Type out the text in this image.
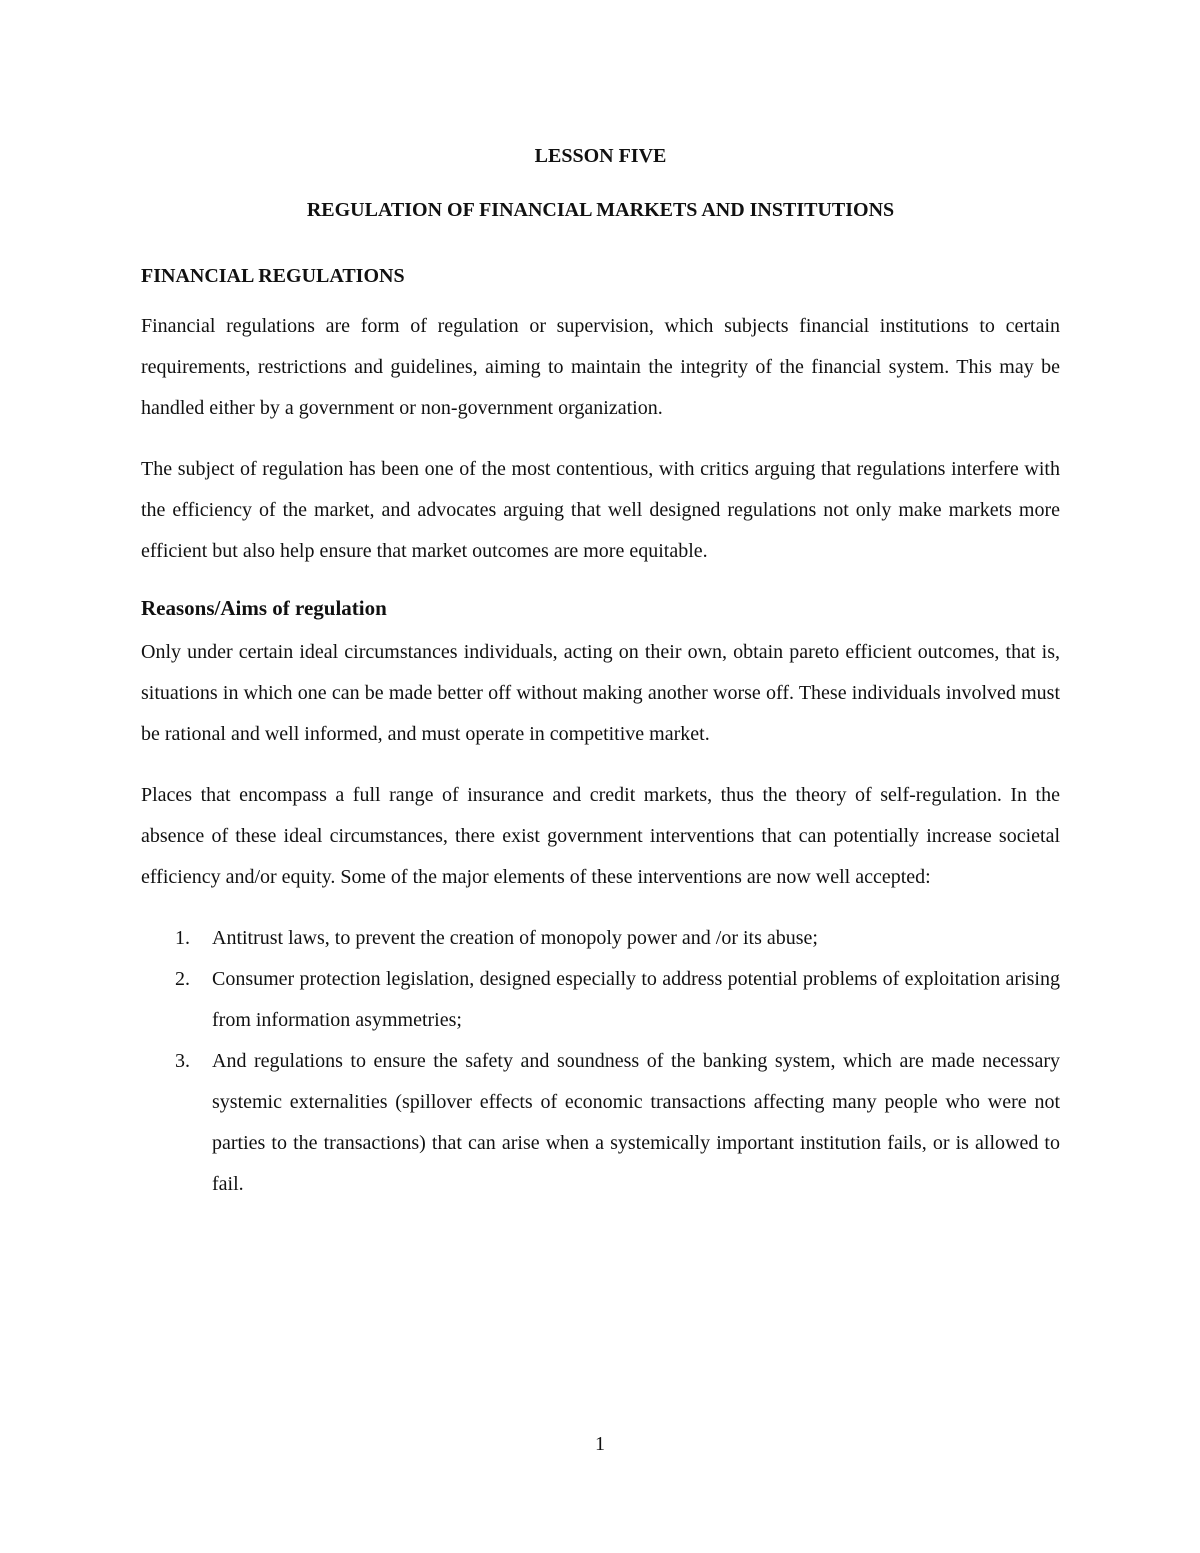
LESSON FIVE
REGULATION OF FINANCIAL MARKETS AND INSTITUTIONS
FINANCIAL REGULATIONS

Financial regulations are form of regulation or supervision, which subjects financial institutions to certain requirements, restrictions and guidelines, aiming to maintain the integrity of the financial system. This may be handled either by a government or non-government organization.

The subject of regulation has been one of the most contentious, with critics arguing that regulations interfere with the efficiency of the market, and advocates arguing that well designed regulations not only make markets more efficient but also help ensure that market outcomes are more equitable.

Reasons/Aims of regulation

Only under certain ideal circumstances individuals, acting on their own, obtain pareto efficient outcomes, that is, situations in which one can be made better off without making another worse off. These individuals involved must be rational and well informed, and must operate in competitive market.

Places that encompass a full range of insurance and credit markets, thus the theory of self-regulation. In the absence of these ideal circumstances, there exist government interventions that can potentially increase societal efficiency and/or equity. Some of the major elements of these interventions are now well accepted:

1. Antitrust laws, to prevent the creation of monopoly power and /or its abuse;
2. Consumer protection legislation, designed especially to address potential problems of exploitation arising from information asymmetries;
3. And regulations to ensure the safety and soundness of the banking system, which are made necessary systemic externalities (spillover effects of economic transactions affecting many people who were not parties to the transactions) that can arise when a systemically important institution fails, or is allowed to fail.
1
